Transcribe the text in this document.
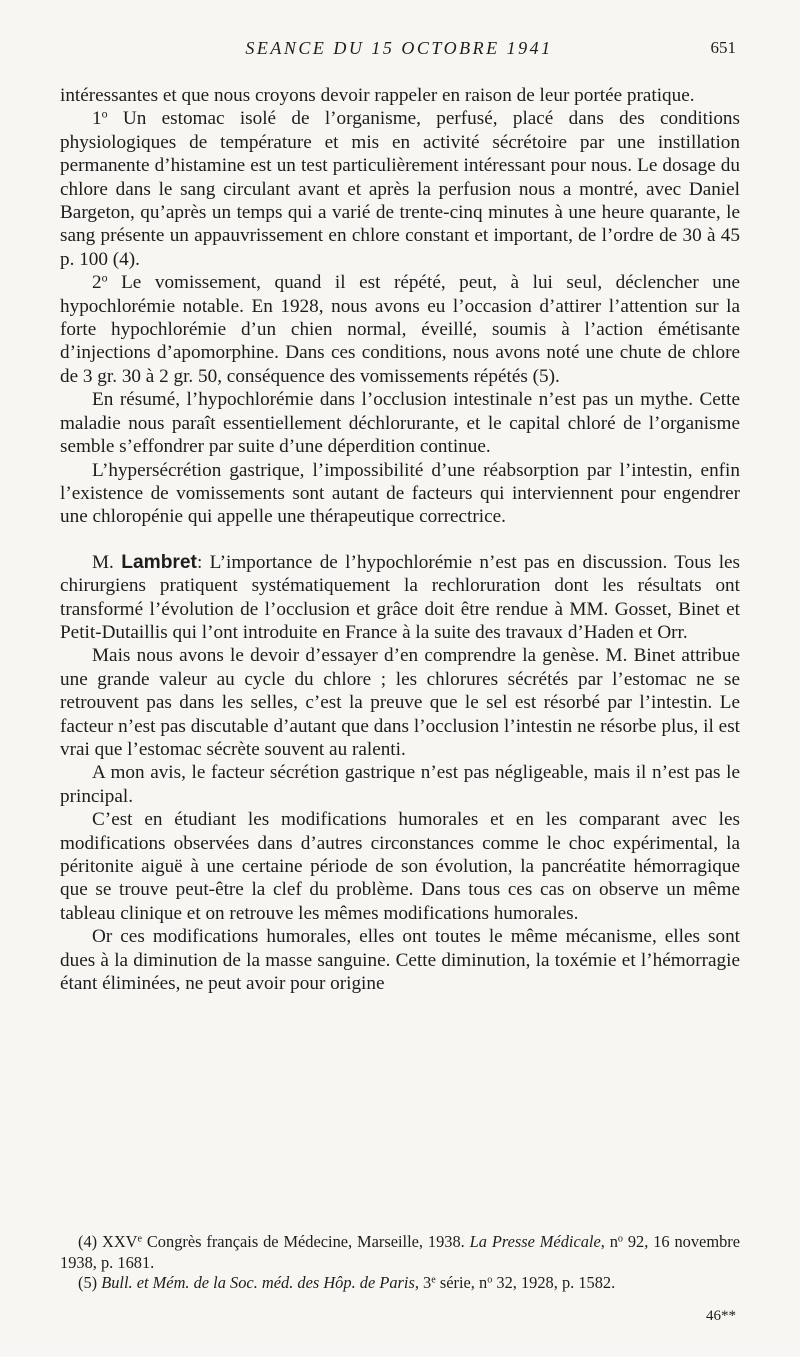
SEANCE DU 15 OCTOBRE 1941	651

intéressantes et que nous croyons devoir rappeler en raison de leur portée pratique.

1$^o$ Un estomac isolé de l’organisme, perfusé, placé dans des conditions physiologiques de température et mis en activité sécrétoire par une instillation permanente d’histamine est un test particulièrement intéressant pour nous. Le dosage du chlore dans le sang circulant avant et après la perfusion nous a montré, avec Daniel Bargeton, qu’après un temps qui a varié de trente-cinq minutes à une heure quarante, le sang présente un appauvrissement en chlore constant et important, de l’ordre de 30 à 45 p. 100 (4).

2$^o$ Le vomissement, quand il est répété, peut, à lui seul, déclencher une hypochlorémie notable. En 1928, nous avons eu l’occasion d’attirer l’attention sur la forte hypochlorémie d’un chien normal, éveillé, soumis à l’action émétisante d’injections d’apomorphine. Dans ces conditions, nous avons noté une chute de chlore de 3 gr. 30 à 2 gr. 50, conséquence des vomissements répétés (5).

En résumé, l’hypochlorémie dans l’occlusion intestinale n’est pas un mythe. Cette maladie nous paraît essentiellement déchlorurante, et le capital chloré de l’organisme semble s’effondrer par suite d’une déperdition continue.

L’hypersécrétion gastrique, l’impossibilité d’une réabsorption par l’intestin, enfin l’existence de vomissements sont autant de facteurs qui interviennent pour engendrer une chloropénie qui appelle une thérapeutique correctrice.

M. Lambret: L’importance de l’hypochlorémie n’est pas en discussion. Tous les chirurgiens pratiquent systématiquement la rechloruration dont les résultats ont transformé l’évolution de l’occlusion et grâce doit être rendue à MM. Gosset, Binet et Petit-Dutaillis qui l’ont introduite en France à la suite des travaux d’Haden et Orr.

Mais nous avons le devoir d’essayer d’en comprendre la genèse. M. Binet attribue une grande valeur au cycle du chlore ; les chlorures sécrétés par l’estomac ne se retrouvent pas dans les selles, c’est la preuve que le sel est résorbé par l’intestin. Le facteur n’est pas discutable d’autant que dans l’occlusion l’intestin ne résorbe plus, il est vrai que l’estomac sécrète souvent au ralenti.

A mon avis, le facteur sécrétion gastrique n’est pas négligeable, mais il n’est pas le principal.

C’est en étudiant les modifications humorales et en les comparant avec les modifications observées dans d’autres circonstances comme le choc expérimental, la péritonite aiguë à une certaine période de son évolution, la pancréatite hémorragique que se trouve peut-être la clef du problème. Dans tous ces cas on observe un même tableau clinique et on retrouve les mêmes modifications humorales.

Or ces modifications humorales, elles ont toutes le même mécanisme, elles sont dues à la diminution de la masse sanguine. Cette diminution, la toxémie et l’hémorragie étant éliminées, ne peut avoir pour origine

(4) XXVe Congrès français de Médecine, Marseille, 1938. La Presse Médicale, $n^o$ 92, 16 novembre 1938, p. 1681.

(5) Bull. et Mém. de la Soc. méd. des Hôp. de Paris, 3e série, $n^o$ 32, 1928, p. 1582.

46**
